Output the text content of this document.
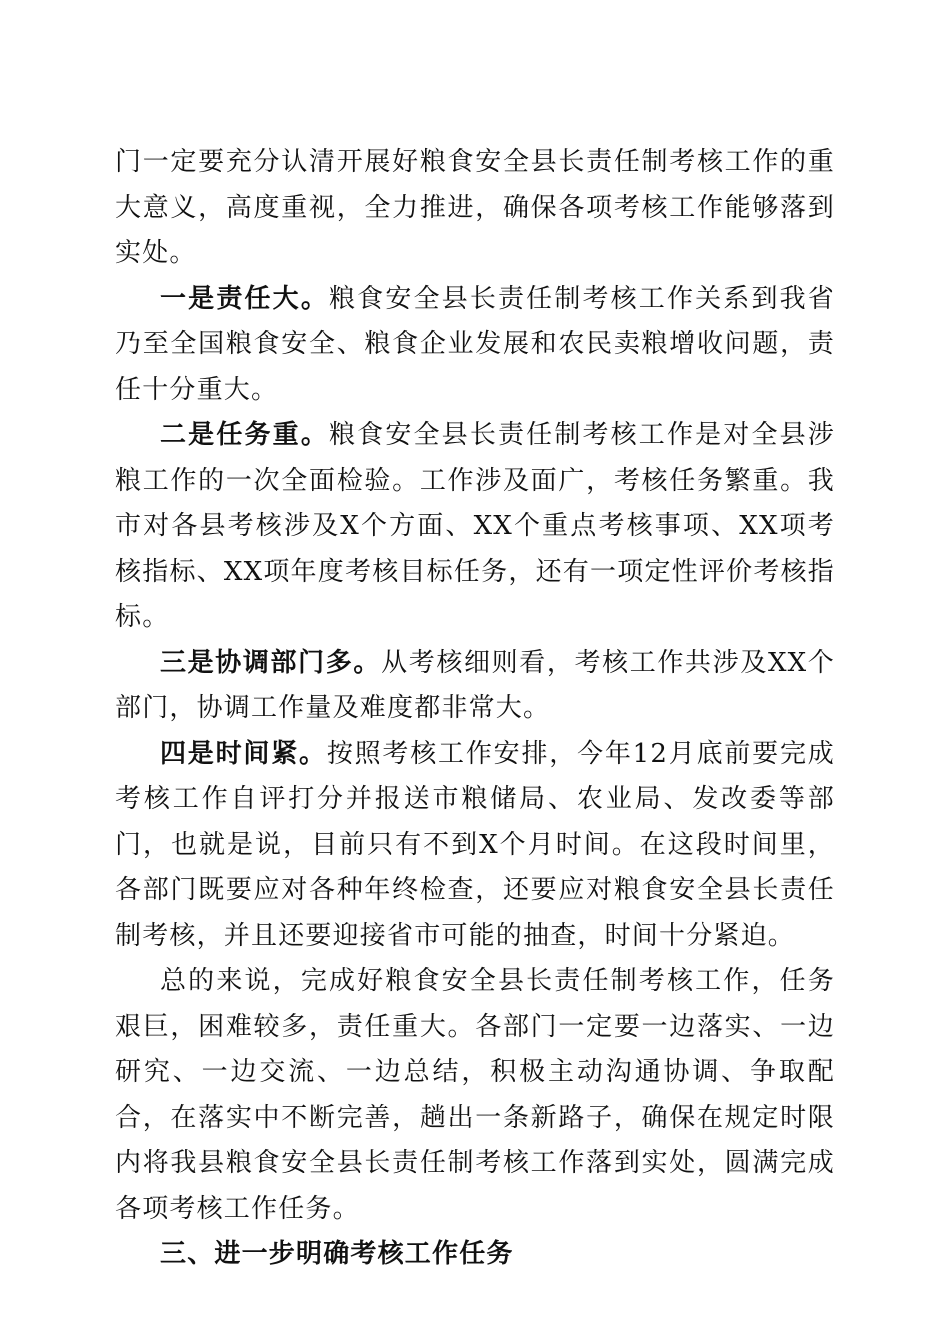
门一定要充分认清开展好粮食安全县长责任制考核工作的重大意义，高度重视，全力推进，确保各项考核工作能够落到实处。

一是责任大。粮食安全县长责任制考核工作关系到我省乃至全国粮食安全、粮食企业发展和农民卖粮增收问题，责任十分重大。

二是任务重。粮食安全县长责任制考核工作是对全县涉粮工作的一次全面检验。工作涉及面广，考核任务繁重。我市对各县考核涉及X个方面、XX个重点考核事项、XX项考核指标、XX项年度考核目标任务，还有一项定性评价考核指标。

三是协调部门多。从考核细则看，考核工作共涉及XX个部门，协调工作量及难度都非常大。

四是时间紧。按照考核工作安排，今年12月底前要完成考核工作自评打分并报送市粮储局、农业局、发改委等部门，也就是说，目前只有不到X个月时间。在这段时间里，各部门既要应对各种年终检查，还要应对粮食安全县长责任制考核，并且还要迎接省市可能的抽查，时间十分紧迫。

总的来说，完成好粮食安全县长责任制考核工作，任务艰巨，困难较多，责任重大。各部门一定要一边落实、一边研究、一边交流、一边总结，积极主动沟通协调、争取配合，在落实中不断完善，趟出一条新路子，确保在规定时限内将我县粮食安全县长责任制考核工作落到实处，圆满完成各项考核工作任务。

三、进一步明确考核工作任务
